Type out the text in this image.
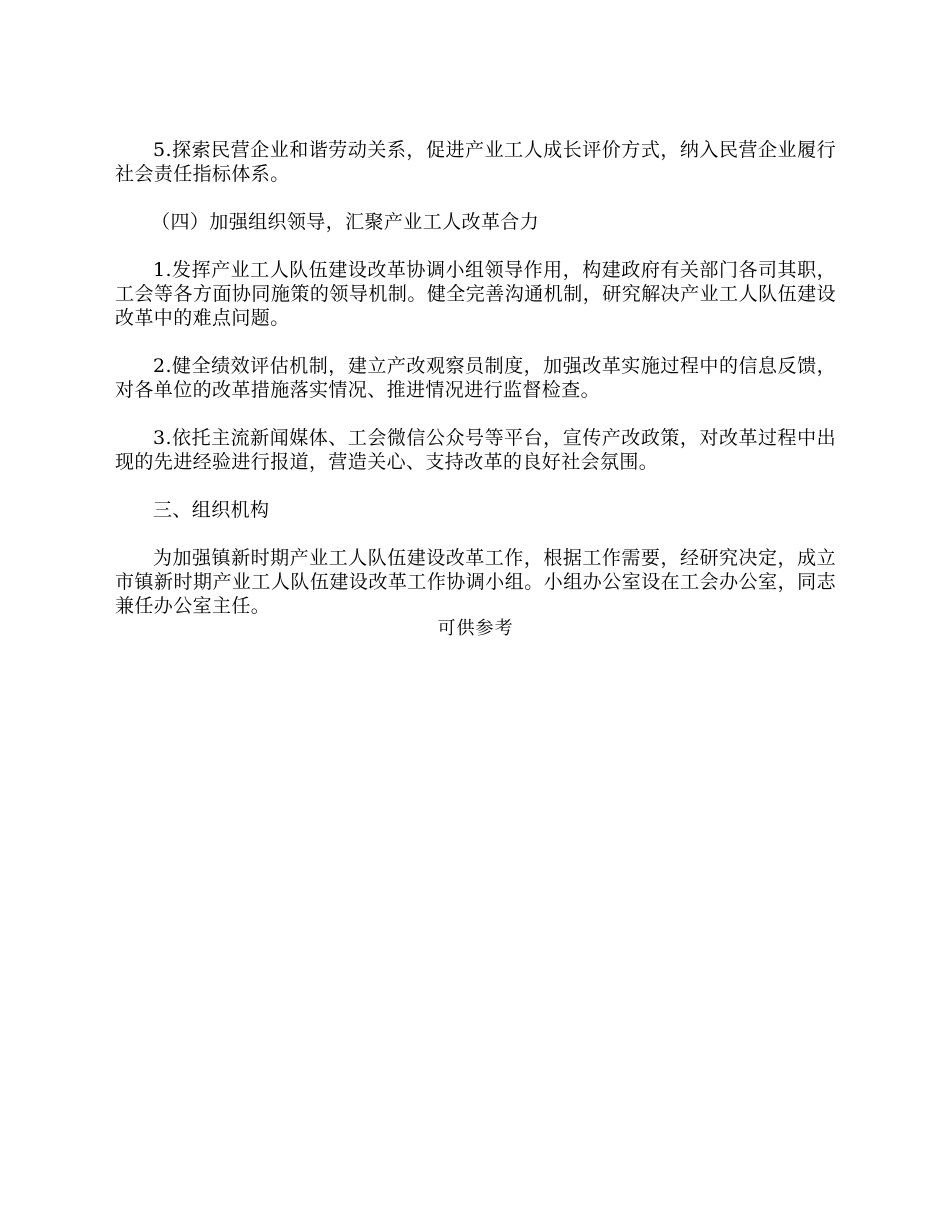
5.探索民营企业和谐劳动关系，促进产业工人成长评价方式，纳入民营企业履行社会责任指标体系。

（四）加强组织领导，汇聚产业工人改革合力

1.发挥产业工人队伍建设改革协调小组领导作用，构建政府有关部门各司其职，工会等各方面协同施策的领导机制。健全完善沟通机制，研究解决产业工人队伍建设改革中的难点问题。

2.健全绩效评估机制，建立产改观察员制度，加强改革实施过程中的信息反馈，对各单位的改革措施落实情况、推进情况进行监督检查。

3.依托主流新闻媒体、工会微信公众号等平台，宣传产改政策，对改革过程中出现的先进经验进行报道，营造关心、支持改革的良好社会氛围。

三、组织机构

为加强镇新时期产业工人队伍建设改革工作，根据工作需要，经研究决定，成立市镇新时期产业工人队伍建设改革工作协调小组。小组办公室设在工会办公室，同志兼任办公室主任。

可供参考
